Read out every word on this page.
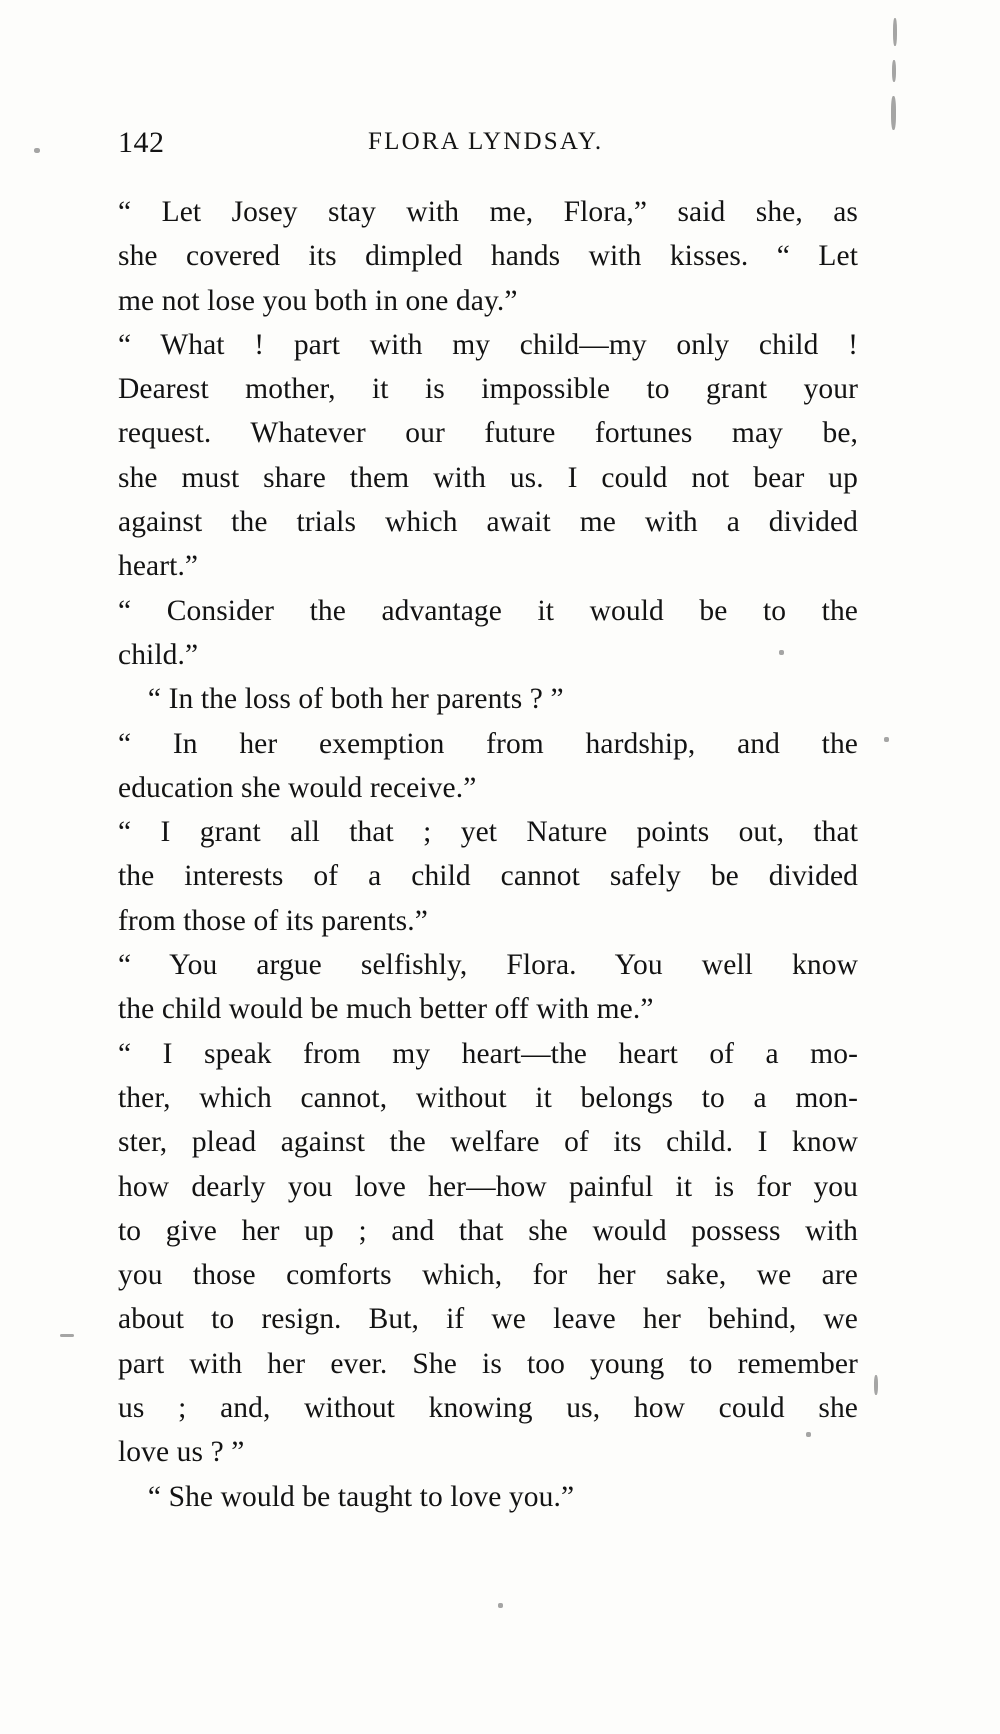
142	FLORA LYNDSAY.

“ Let Josey stay with me, Flora,” said she, as
she covered its dimpled hands with kisses. “ Let
me not lose you both in one day.”

“ What ! part with my child—my only child !
Dearest mother, it is impossible to grant your
request. Whatever our future fortunes may be,
she must share them with us. I could not bear up
against the trials which await me with a divided
heart.”

“ Consider the advantage it would be to the
child.”

“ In the loss of both her parents ? ”

“ In her exemption from hardship, and the
education she would receive.”

“ I grant all that ; yet Nature points out, that
the interests of a child cannot safely be divided
from those of its parents.”

“ You argue selfishly, Flora. You well know
the child would be much better off with me.”

“ I speak from my heart—the heart of a mo-
ther, which cannot, without it belongs to a mon-
ster, plead against the welfare of its child. I know
how dearly you love her—how painful it is for you
to give her up ; and that she would possess with
you those comforts which, for her sake, we are
about to resign. But, if we leave her behind, we
part with her ever. She is too young to remember
us ; and, without knowing us, how could she
love us ? ”

“ She would be taught to love you.”
